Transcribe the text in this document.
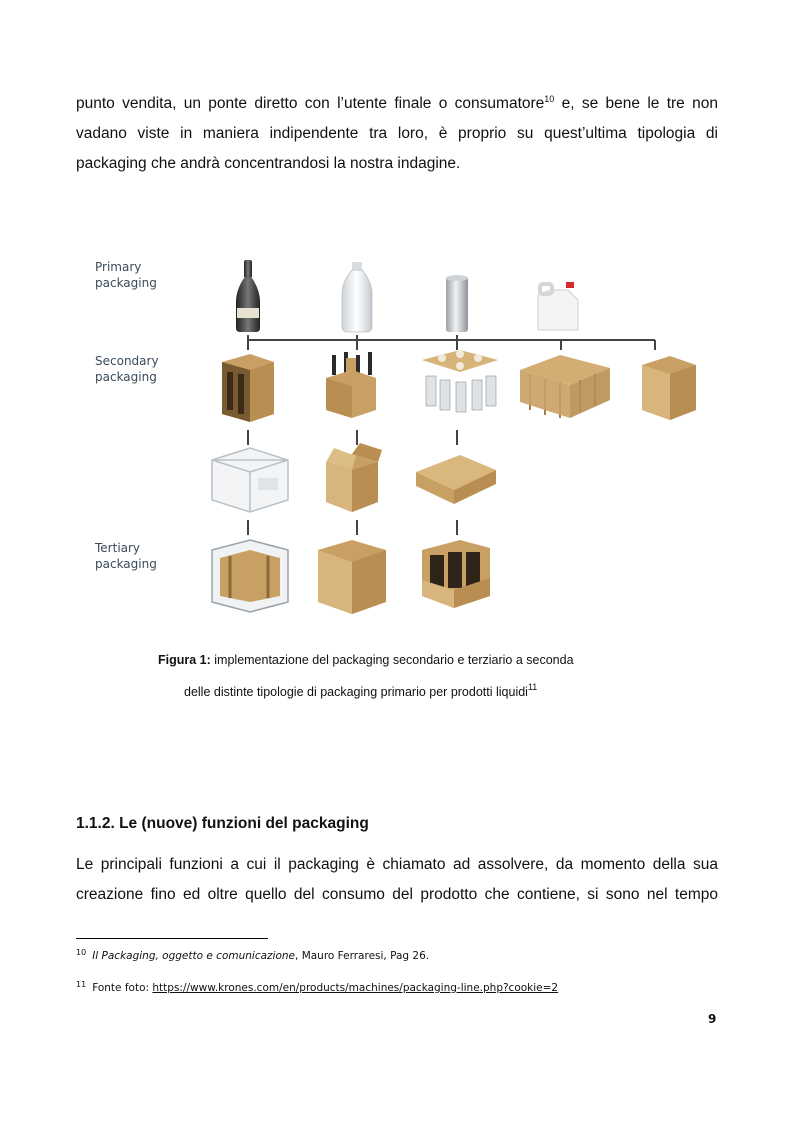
punto vendita, un ponte diretto con l’utente finale o consumatore$^{10}$ e, se bene le tre non
vadano viste in maniera indipendente tra loro, è proprio su quest’ultima tipologia di
packaging che andrà concentrandosi la nostra indagine.
Primary
packaging
Secondary
packaging
Tertiary
packaging
Figura 1: implementazione del packaging secondario e terziario a seconda
delle distinte tipologie di packaging primario per prodotti liquidi$^{11}$
1.1.2. Le (nuove) funzioni del packaging
Le principali funzioni a cui il packaging è chiamato ad assolvere, da momento della sua
creazione fino ed oltre quello del consumo del prodotto che contiene, si sono nel tempo
$^{10}$ Il Packaging, oggetto e comunicazione, Mauro Ferraresi, Pag 26.
$^{11}$ Fonte foto: https://www.krones.com/en/products/machines/packaging-line.php?cookie=2
9
